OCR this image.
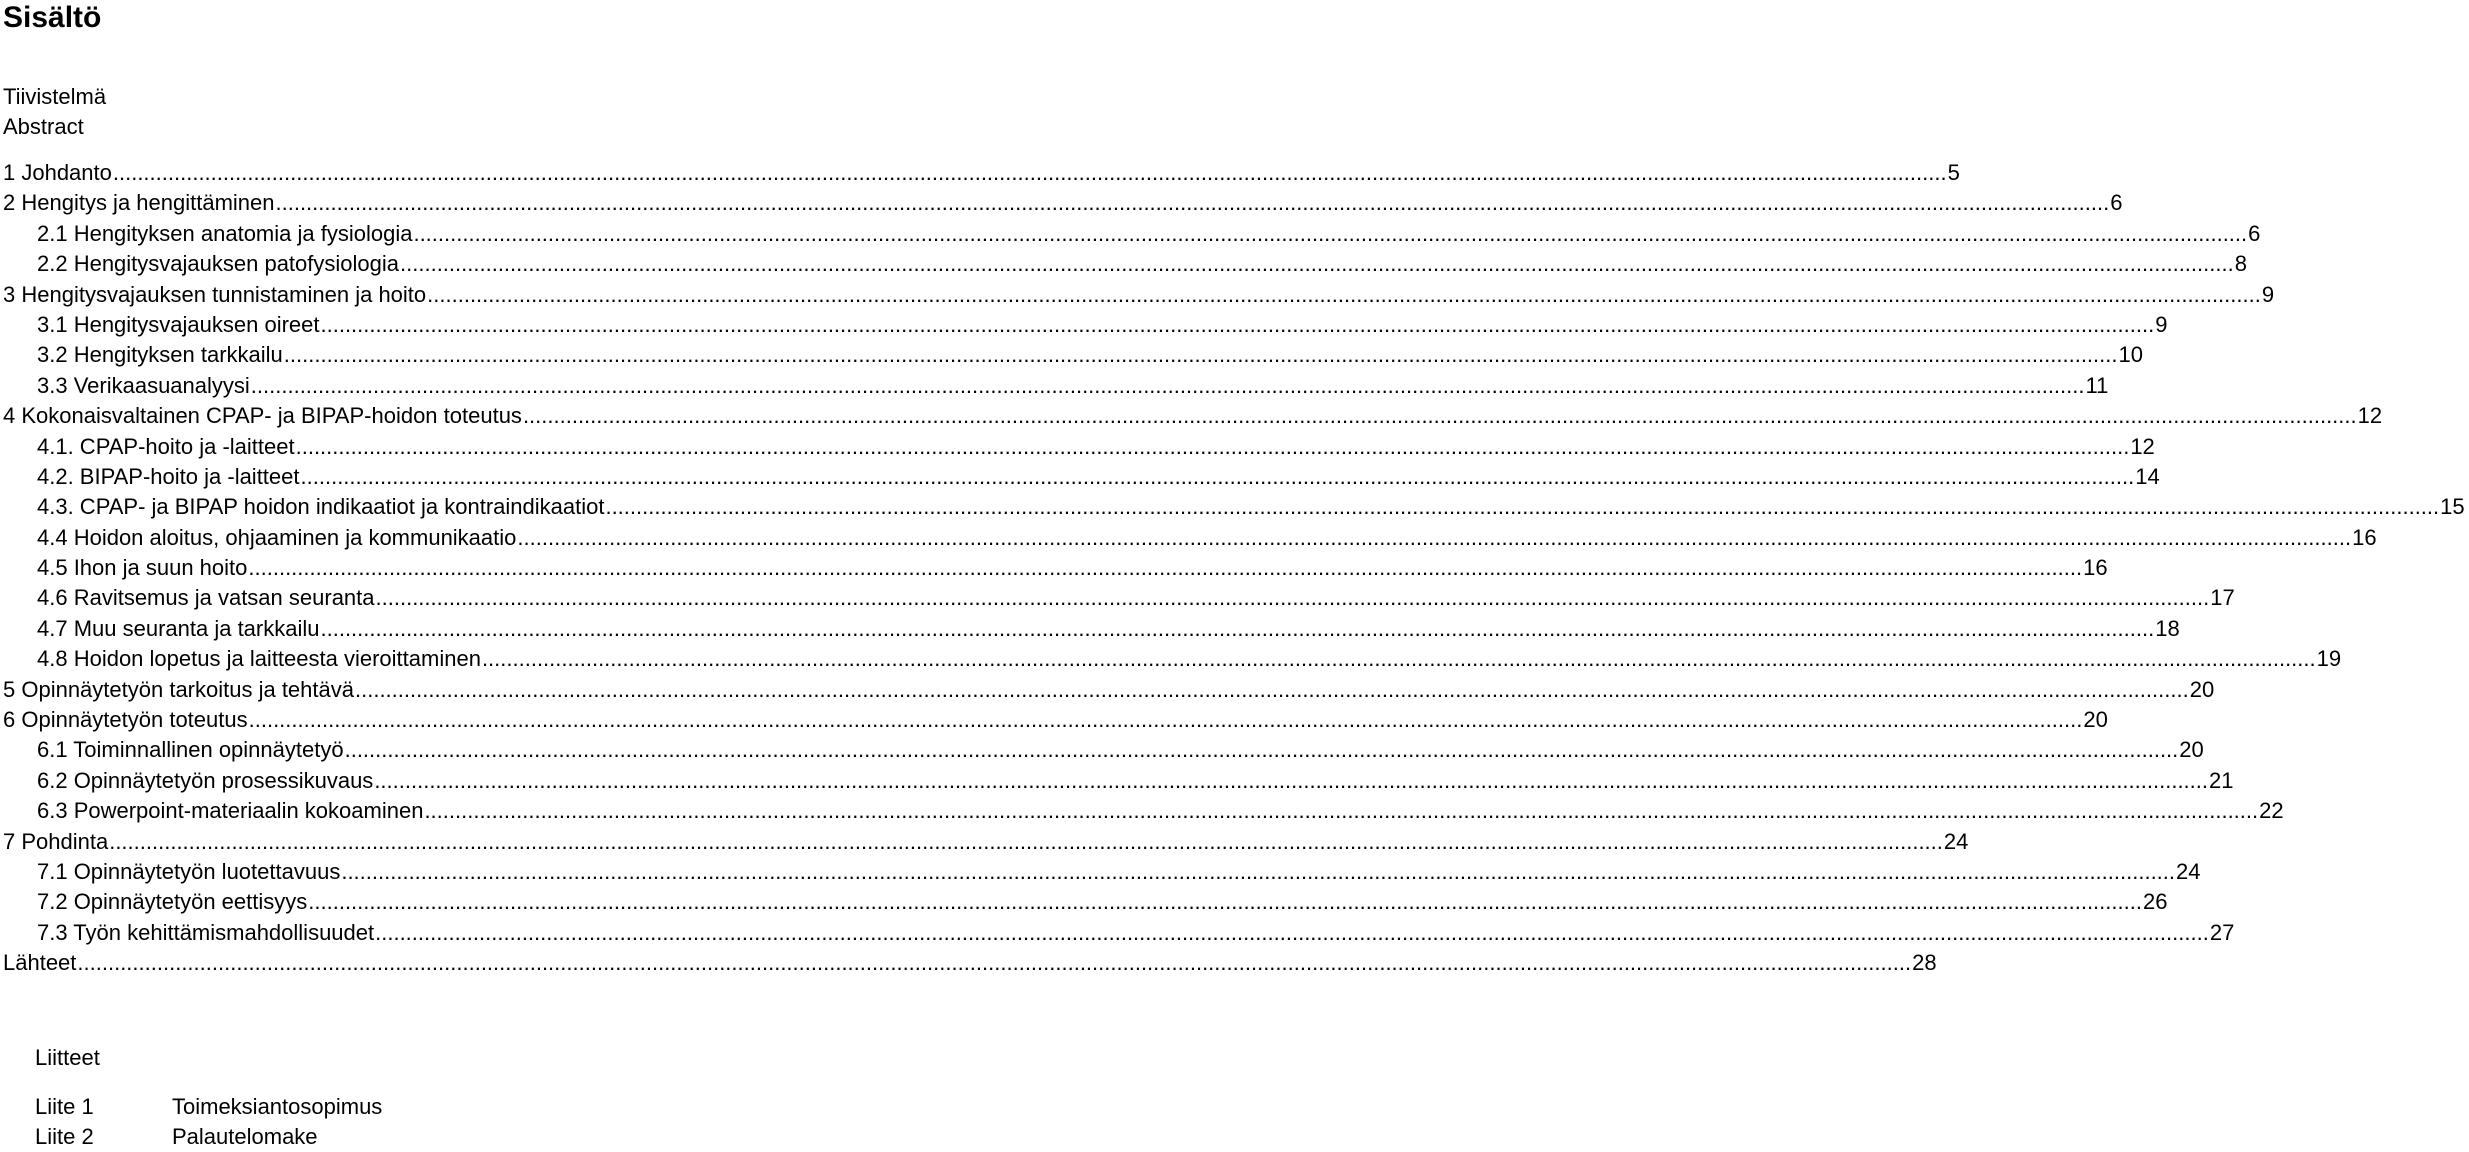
Sisältö
Tiivistelmä
Abstract
1 Johdanto ............................................................................................................................................................................................................................................................................................................ 5
2 Hengitys ja hengittäminen ............................................................................................................................................................................................................................................................................................................ 6
2.1 Hengityksen anatomia ja fysiologia ............................................................................................................................................................................................................................................................................................................ 6
2.2 Hengitysvajauksen patofysiologia ............................................................................................................................................................................................................................................................................................................ 8
3 Hengitysvajauksen tunnistaminen ja hoito ............................................................................................................................................................................................................................................................................................................ 9
3.1 Hengitysvajauksen oireet ............................................................................................................................................................................................................................................................................................................ 9
3.2 Hengityksen tarkkailu ............................................................................................................................................................................................................................................................................................................ 10
3.3 Verikaasuanalyysi ............................................................................................................................................................................................................................................................................................................ 11
4 Kokonaisvaltainen CPAP- ja BIPAP-hoidon toteutus ............................................................................................................................................................................................................................................................................................................ 12
4.1. CPAP-hoito ja -laitteet ............................................................................................................................................................................................................................................................................................................ 12
4.2. BIPAP-hoito ja -laitteet ............................................................................................................................................................................................................................................................................................................ 14
4.3. CPAP- ja BIPAP hoidon indikaatiot ja kontraindikaatiot ............................................................................................................................................................................................................................................................................................................ 15
4.4 Hoidon aloitus, ohjaaminen ja kommunikaatio ............................................................................................................................................................................................................................................................................................................ 16
4.5 Ihon ja suun hoito ............................................................................................................................................................................................................................................................................................................ 16
4.6 Ravitsemus ja vatsan seuranta ............................................................................................................................................................................................................................................................................................................ 17
4.7 Muu seuranta ja tarkkailu ............................................................................................................................................................................................................................................................................................................ 18
4.8 Hoidon lopetus ja laitteesta vieroittaminen ............................................................................................................................................................................................................................................................................................................ 19
5 Opinnäytetyön tarkoitus ja tehtävä ............................................................................................................................................................................................................................................................................................................ 20
6 Opinnäytetyön toteutus ............................................................................................................................................................................................................................................................................................................ 20
6.1 Toiminnallinen opinnäytetyö ............................................................................................................................................................................................................................................................................................................ 20
6.2 Opinnäytetyön prosessikuvaus ............................................................................................................................................................................................................................................................................................................ 21
6.3 Powerpoint-materiaalin kokoaminen ............................................................................................................................................................................................................................................................................................................ 22
7 Pohdinta ............................................................................................................................................................................................................................................................................................................ 24
7.1 Opinnäytetyön luotettavuus ............................................................................................................................................................................................................................................................................................................ 24
7.2 Opinnäytetyön eettisyys ............................................................................................................................................................................................................................................................................................................ 26
7.3 Työn kehittämismahdollisuudet ............................................................................................................................................................................................................................................................................................................ 27
Lähteet ............................................................................................................................................................................................................................................................................................................ 28
Liitteet
Liite 1	Toimeksiantosopimus
Liite 2	Palautelomake
